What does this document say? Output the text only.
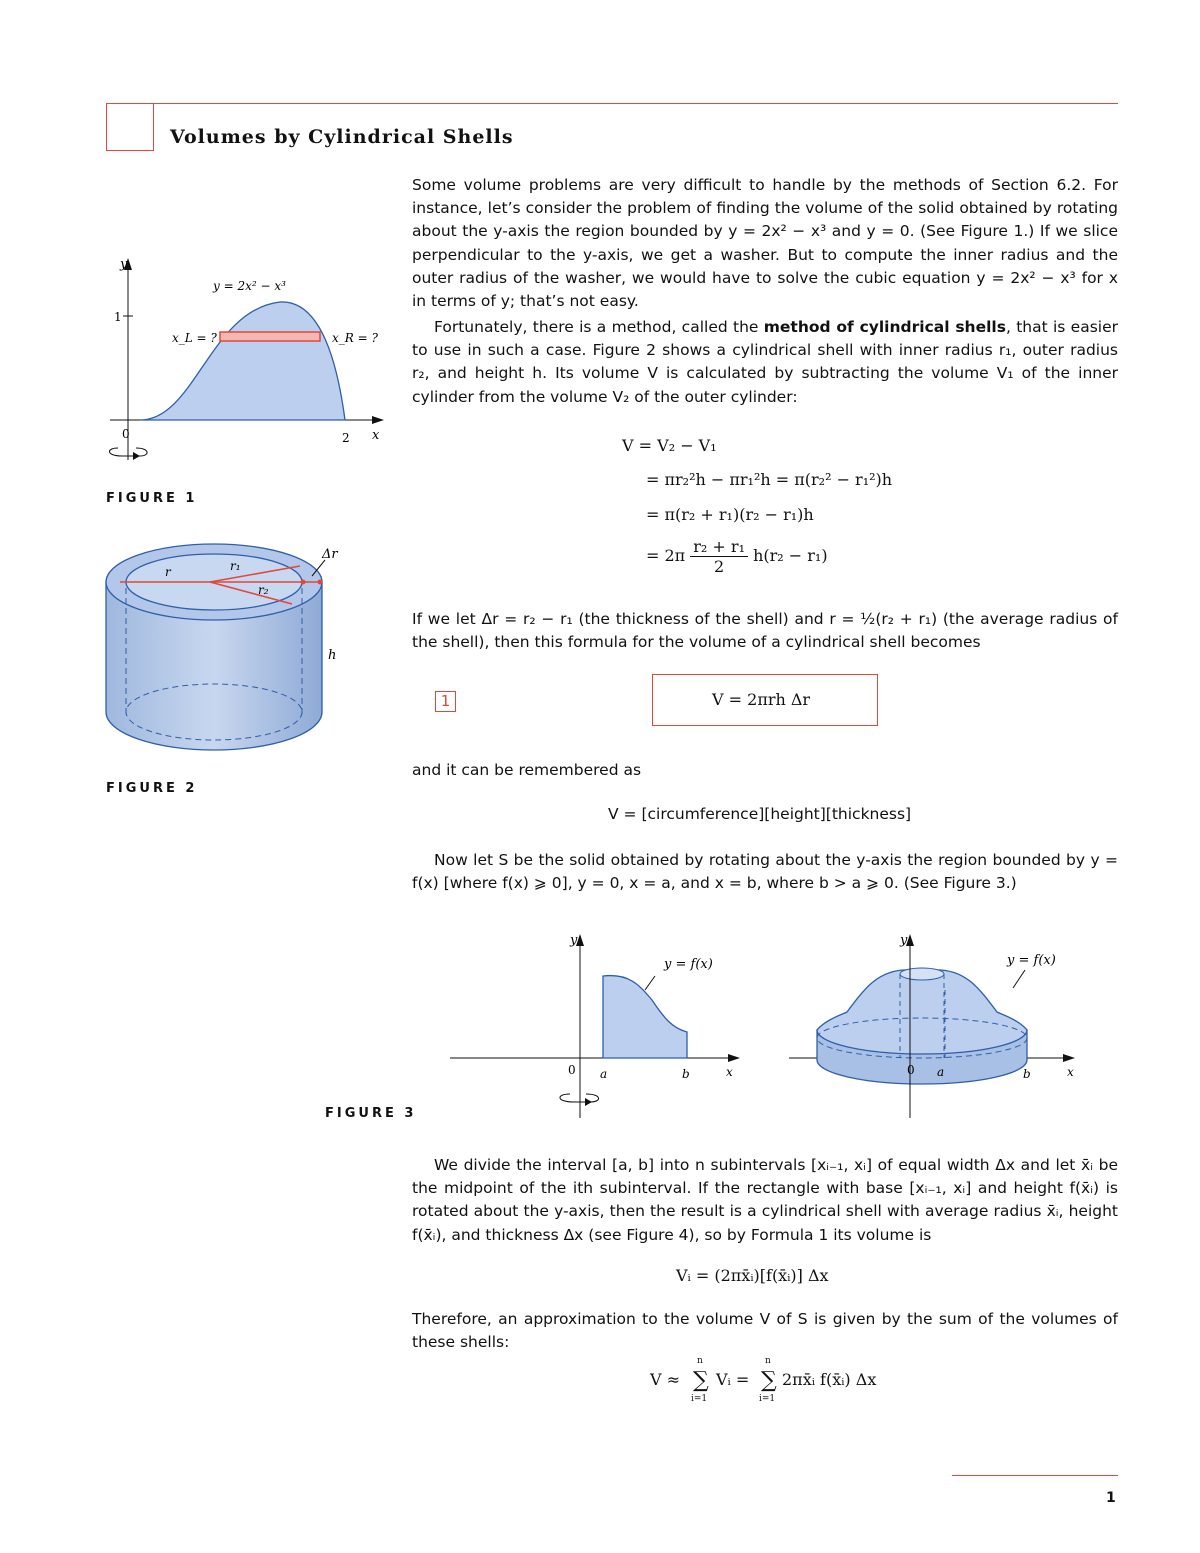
Volumes by Cylindrical Shells
Some volume problems are very difficult to handle by the methods of Section 6.2. For instance, let’s consider the problem of finding the volume of the solid obtained by rotating about the y-axis the region bounded by y = 2x² − x³ and y = 0. (See Figure 1.) If we slice perpendicular to the y-axis, we get a washer. But to compute the inner radius and the outer radius of the washer, we would have to solve the cubic equation y = 2x² − x³ for x in terms of y; that’s not easy.
Fortunately, there is a method, called the method of cylindrical shells, that is easier to use in such a case. Figure 2 shows a cylindrical shell with inner radius r₁, outer radius r₂, and height h. Its volume V is calculated by subtracting the volume V₁ of the inner cylinder from the volume V₂ of the outer cylinder:
V = V₂ − V₁
= πr₂²h − πr₁²h = π(r₂² − r₁²)h
= π(r₂ + r₁)(r₂ − r₁)h
= $2\pi \frac{\text{r₂ + r₁}}{2} h(r_2 - r_1)$
If we let Δr = r₂ − r₁ (the thickness of the shell) and r = ½(r₂ + r₁) (the average radius of the shell), then this formula for the volume of a cylindrical shell becomes
1	V = 2πrh Δr
and it can be remembered as
V = [circumference][height][thickness]
Now let S be the solid obtained by rotating about the y-axis the region bounded by y = f(x) [where f(x) ⩾ 0], y = 0, x = a, and x = b, where b > a ⩾ 0. (See Figure 3.)
We divide the interval [a, b] into n subintervals [xᵢ₋₁, xᵢ] of equal width Δx and let x̄ᵢ be the midpoint of the ith subinterval. If the rectangle with base [xᵢ₋₁, xᵢ] and height f(x̄ᵢ) is rotated about the y-axis, then the result is a cylindrical shell with average radius x̄ᵢ, height f(x̄ᵢ), and thickness Δx (see Figure 4), so by Formula 1 its volume is
Vᵢ = (2πx̄ᵢ)[f(x̄ᵢ)] Δx
Therefore, an approximation to the volume V of S is given by the sum of the volumes of these shells:
V ≈ ∑
n
i=1
Vᵢ = ∑
n
i=1
2πx̄ᵢ f(x̄ᵢ) Δx
y
1
0	2 x
y = 2x² − x³
x_L = ?	x_R = ?
FIGURE 1
r	r₁
r₂
Δr
h
FIGURE 2
y
y = f(x)
0 a	b	x
y
y = f(x)
0 a	b	x
FIGURE 3
1
